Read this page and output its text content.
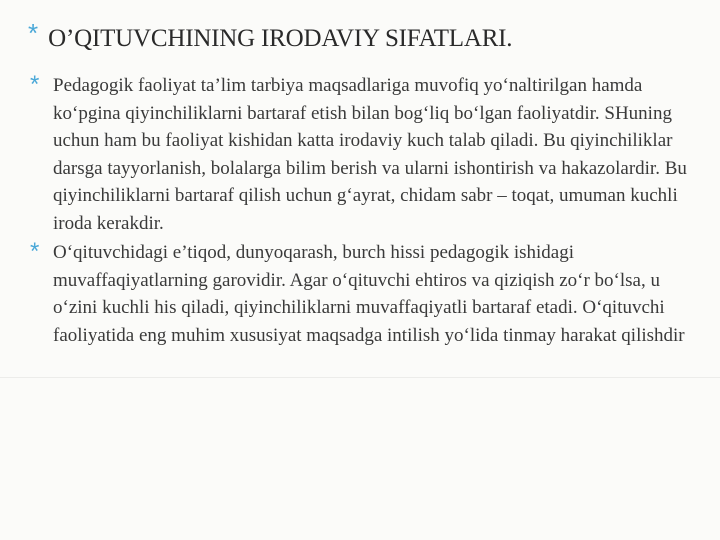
* O’QITUVCHINING IRODAVIY SIFATLARI.
* Pedagogik faoliyat ta’lim tarbiya maqsadlariga muvofiq yo‘naltirilgan hamda ko‘pgina qiyinchiliklarni bartaraf etish bilan bog‘liq bo‘lgan faoliyatdir. SHuning uchun ham bu faoliyat kishidan katta irodaviy kuch talab qiladi. Bu qiyinchiliklar darsga tayyorlanish, bolalarga bilim berish va ularni ishontirish va hakazolardir. Bu qiyinchiliklarni bartaraf qilish uchun g‘ayrat, chidam sabr – toqat, umuman kuchli iroda kerakdir.
* O‘qituvchidagi e’tiqod, dunyoqarash, burch hissi pedagogik ishidagi muvaffaqiyatlarning garovidir. Agar o‘qituvchi ehtiros va qiziqish zo‘r bo‘lsa, u o‘zini kuchli his qiladi, qiyinchiliklarni muvaffaqiyatli bartaraf etadi. O‘qituvchi faoliyatida eng muhim xususiyat maqsadga intilish yo‘lida tinmay harakat qilishdir
